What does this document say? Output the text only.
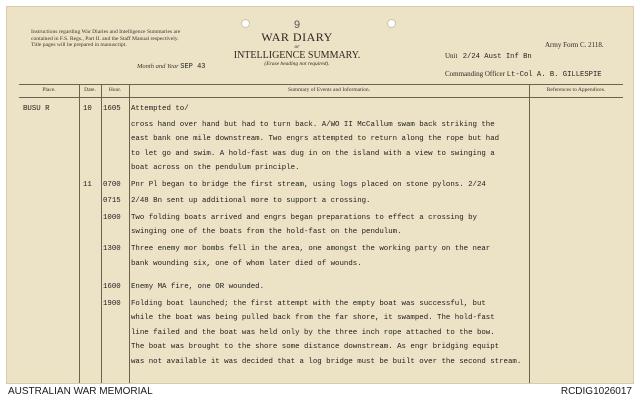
Instructions regarding War Diaries and Intelligence Summaries are contained in F.S. Regs., Part II. and the Staff Manual respectively. Title pages will be prepared in manuscript.
Month and Year SEP 43
9
WAR DIARY
or
INTELLIGENCE SUMMARY.
(Erase heading not required).
Army Form C. 2118.
Unit 2/24 Aust Inf Bn
Commanding Officer Lt-Col A. B. GILLESPIE
Place.	Date.	Hour.	Summary of Events and Information.	References to Appendices.
BUSU R	10 1605 Attempted to/
cross hand over hand but had to turn back. A/WO II McCallum swam back striking the
east bank one mile downstream. Two engrs attempted to return along the rope but had
to let go and swim. A hold-fast was dug in on the island with a view to swinging a
boat across on the pendulum principle.
11 0700 Pnr Pl began to bridge the first stream, using logs placed on stone pylons. 2/24
0715 2/48 Bn sent up additional more to support a crossing.
1000 Two folding boats arrived and engrs began preparations to effect a crossing by
swinging one of the boats from the hold-fast on the pendulum.
1300 Three enemy mor bombs fell in the area, one amongst the working party on the near
bank wounding six, one of whom later died of wounds.
1600 Enemy MA fire, one OR wounded.
1900 Folding boat launched; the first attempt with the empty boat was successful, but
while the boat was being pulled back from the far shore, it swamped. The hold-fast
line failed and the boat was held only by the three inch rope attached to the bow.
The boat was brought to the shore some distance downstream. As engr bridging equipt
was not available it was decided that a log bridge must be built over the second stream.
AUSTRALIAN WAR MEMORIAL	RCDIG1026017
